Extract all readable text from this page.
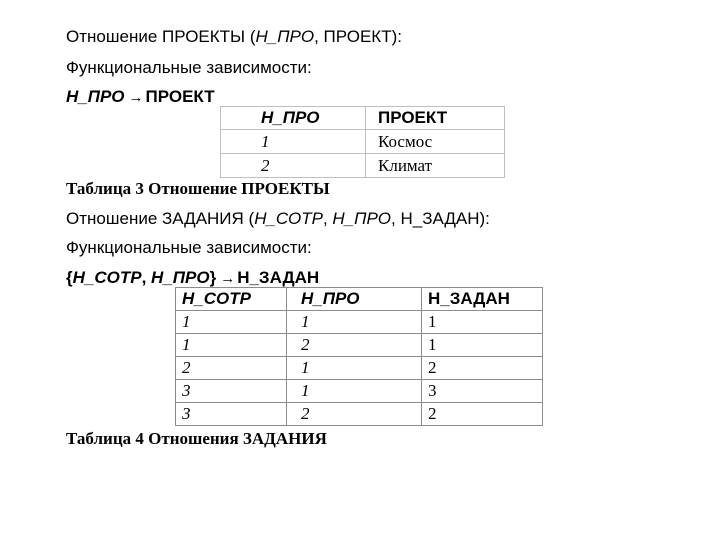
Отношение ПРОЕКТЫ (Н_ПРО, ПРОЕКТ):
Функциональные зависимости:
Н_ПРО → ПРОЕКТ
Н_ПРО	ПРОЕКТ
1	Космос
2	Климат
Таблица 3 Отношение ПРОЕКТЫ
Отношение ЗАДАНИЯ (Н_СОТР, Н_ПРО, Н_ЗАДАН):
Функциональные зависимости:
{Н_СОТР, Н_ПРО} → Н_ЗАДАН
Н_СОТР	Н_ПРО	Н_ЗАДАН
1	1	1
1	2	1
2	1	2
3	1	3
3	2	2
Таблица 4 Отношения ЗАДАНИЯ
